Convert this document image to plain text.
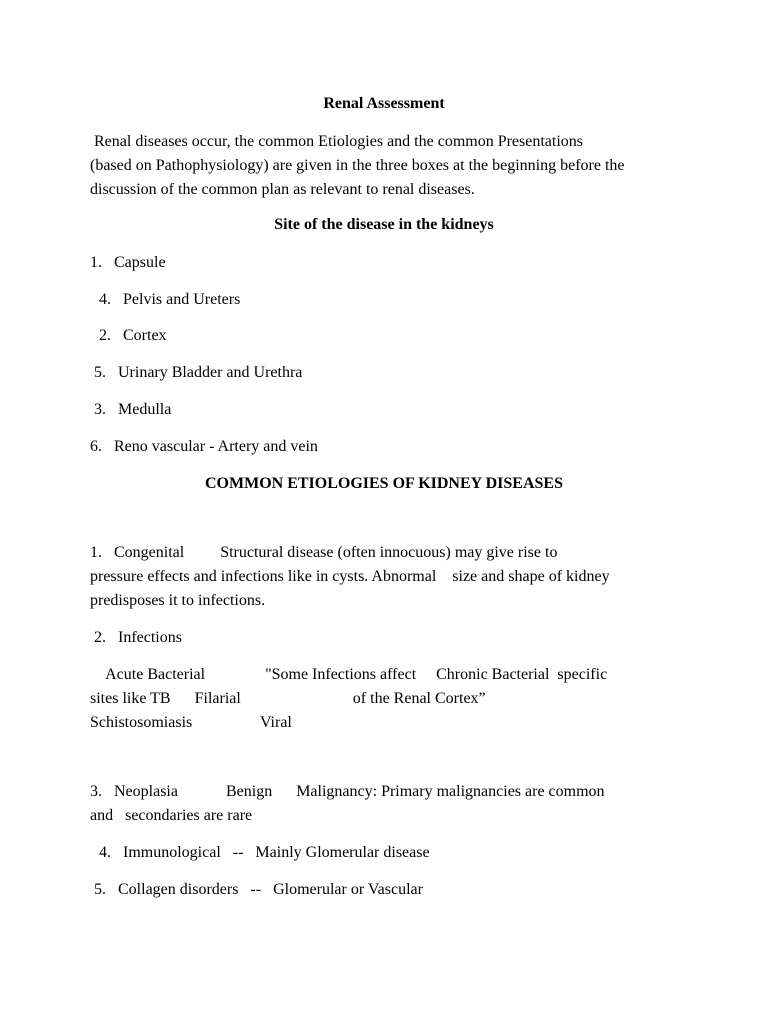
Renal Assessment
Renal diseases occur, the common Etiologies and the common Presentations
(based on Pathophysiology) are given in the three boxes at the beginning before the
discussion of the common plan as relevant to renal diseases.
Site of the disease in the kidneys
1.   Capsule
4.   Pelvis and Ureters
2.   Cortex
5.   Urinary Bladder and Urethra
3.   Medulla
6.   Reno vascular - Artery and vein
COMMON ETIOLOGIES OF KIDNEY DISEASES
1.   Congenital         Structural disease (often innocuous) may give rise to
pressure effects and infections like in cysts. Abnormal    size and shape of kidney
predisposes it to infections.
2.   Infections
Acute Bacterial               "Some Infections affect     Chronic Bacterial  specific
sites like TB      Filarial                            of the Renal Cortex”
Schistosomiasis                 Viral
3.   Neoplasia            Benign      Malignancy: Primary malignancies are common
and   secondaries are rare
4.   Immunological   --   Mainly Glomerular disease
5.   Collagen disorders   --   Glomerular or Vascular
